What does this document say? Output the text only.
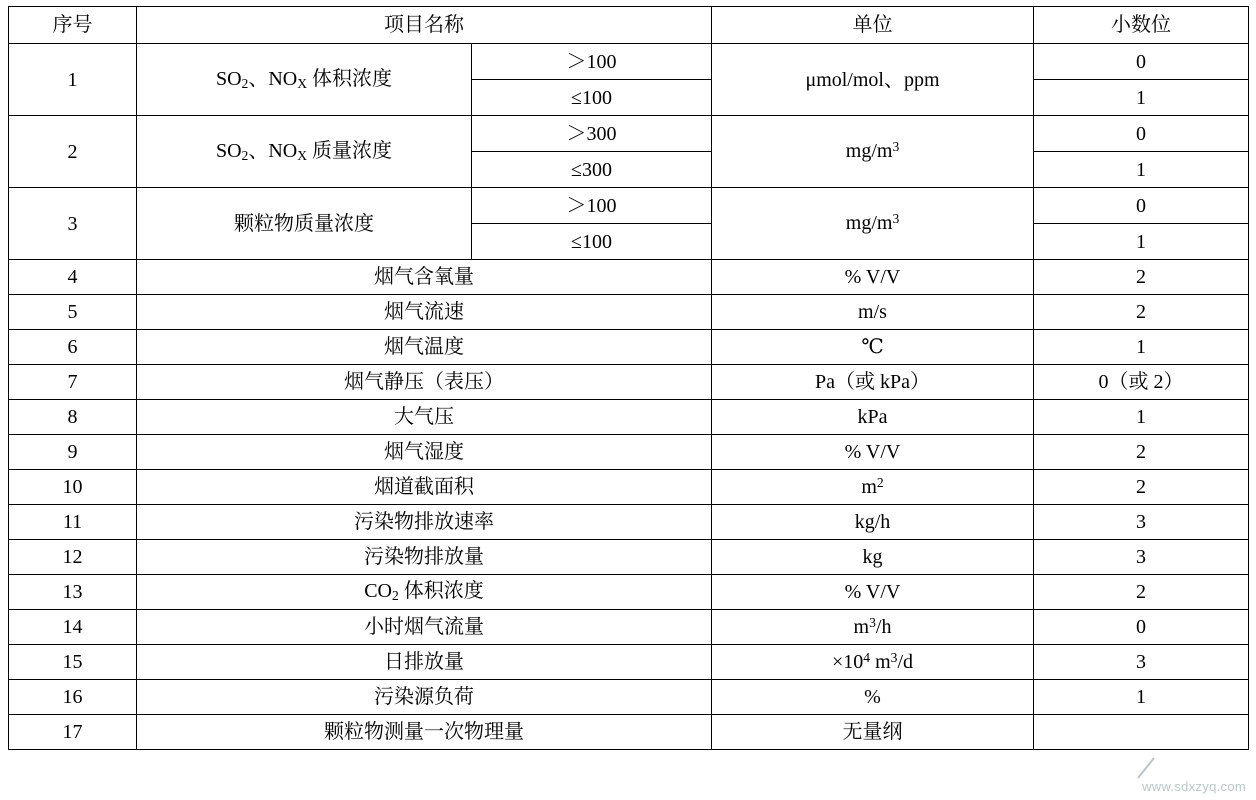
序号	项目名称		单位	小数位
1	$SO_2$、$NO_X$ 体积浓度	＞100	μmol/mol、ppm	0
		≤100		1
2	$SO_2$、$NO_X$ 质量浓度	＞300	$mg/m^3$	0
		≤300		1
3	颗粒物质量浓度	＞100	$mg/m^3$	0
		≤100		1
4	烟气含氧量		% V/V	2
5	烟气流速		m/s	2
6	烟气温度		℃	1
7	烟气静压（表压）		Pa（或 kPa）	0（或 2）
8	大气压		kPa	1
9	烟气湿度		% V/V	2
10	烟道截面积		$m^2$	2
11	污染物排放速率		kg/h	3
12	污染物排放量		kg	3
13	$CO_2$ 体积浓度		% V/V	2
14	小时烟气流量		$m^3/h$	0
15	日排放量		$\times 10^4$ $m^3/d$	3
16	污染源负荷		%	1
17	颗粒物测量一次物理量		无量纲	
www.sdxzyq.com
